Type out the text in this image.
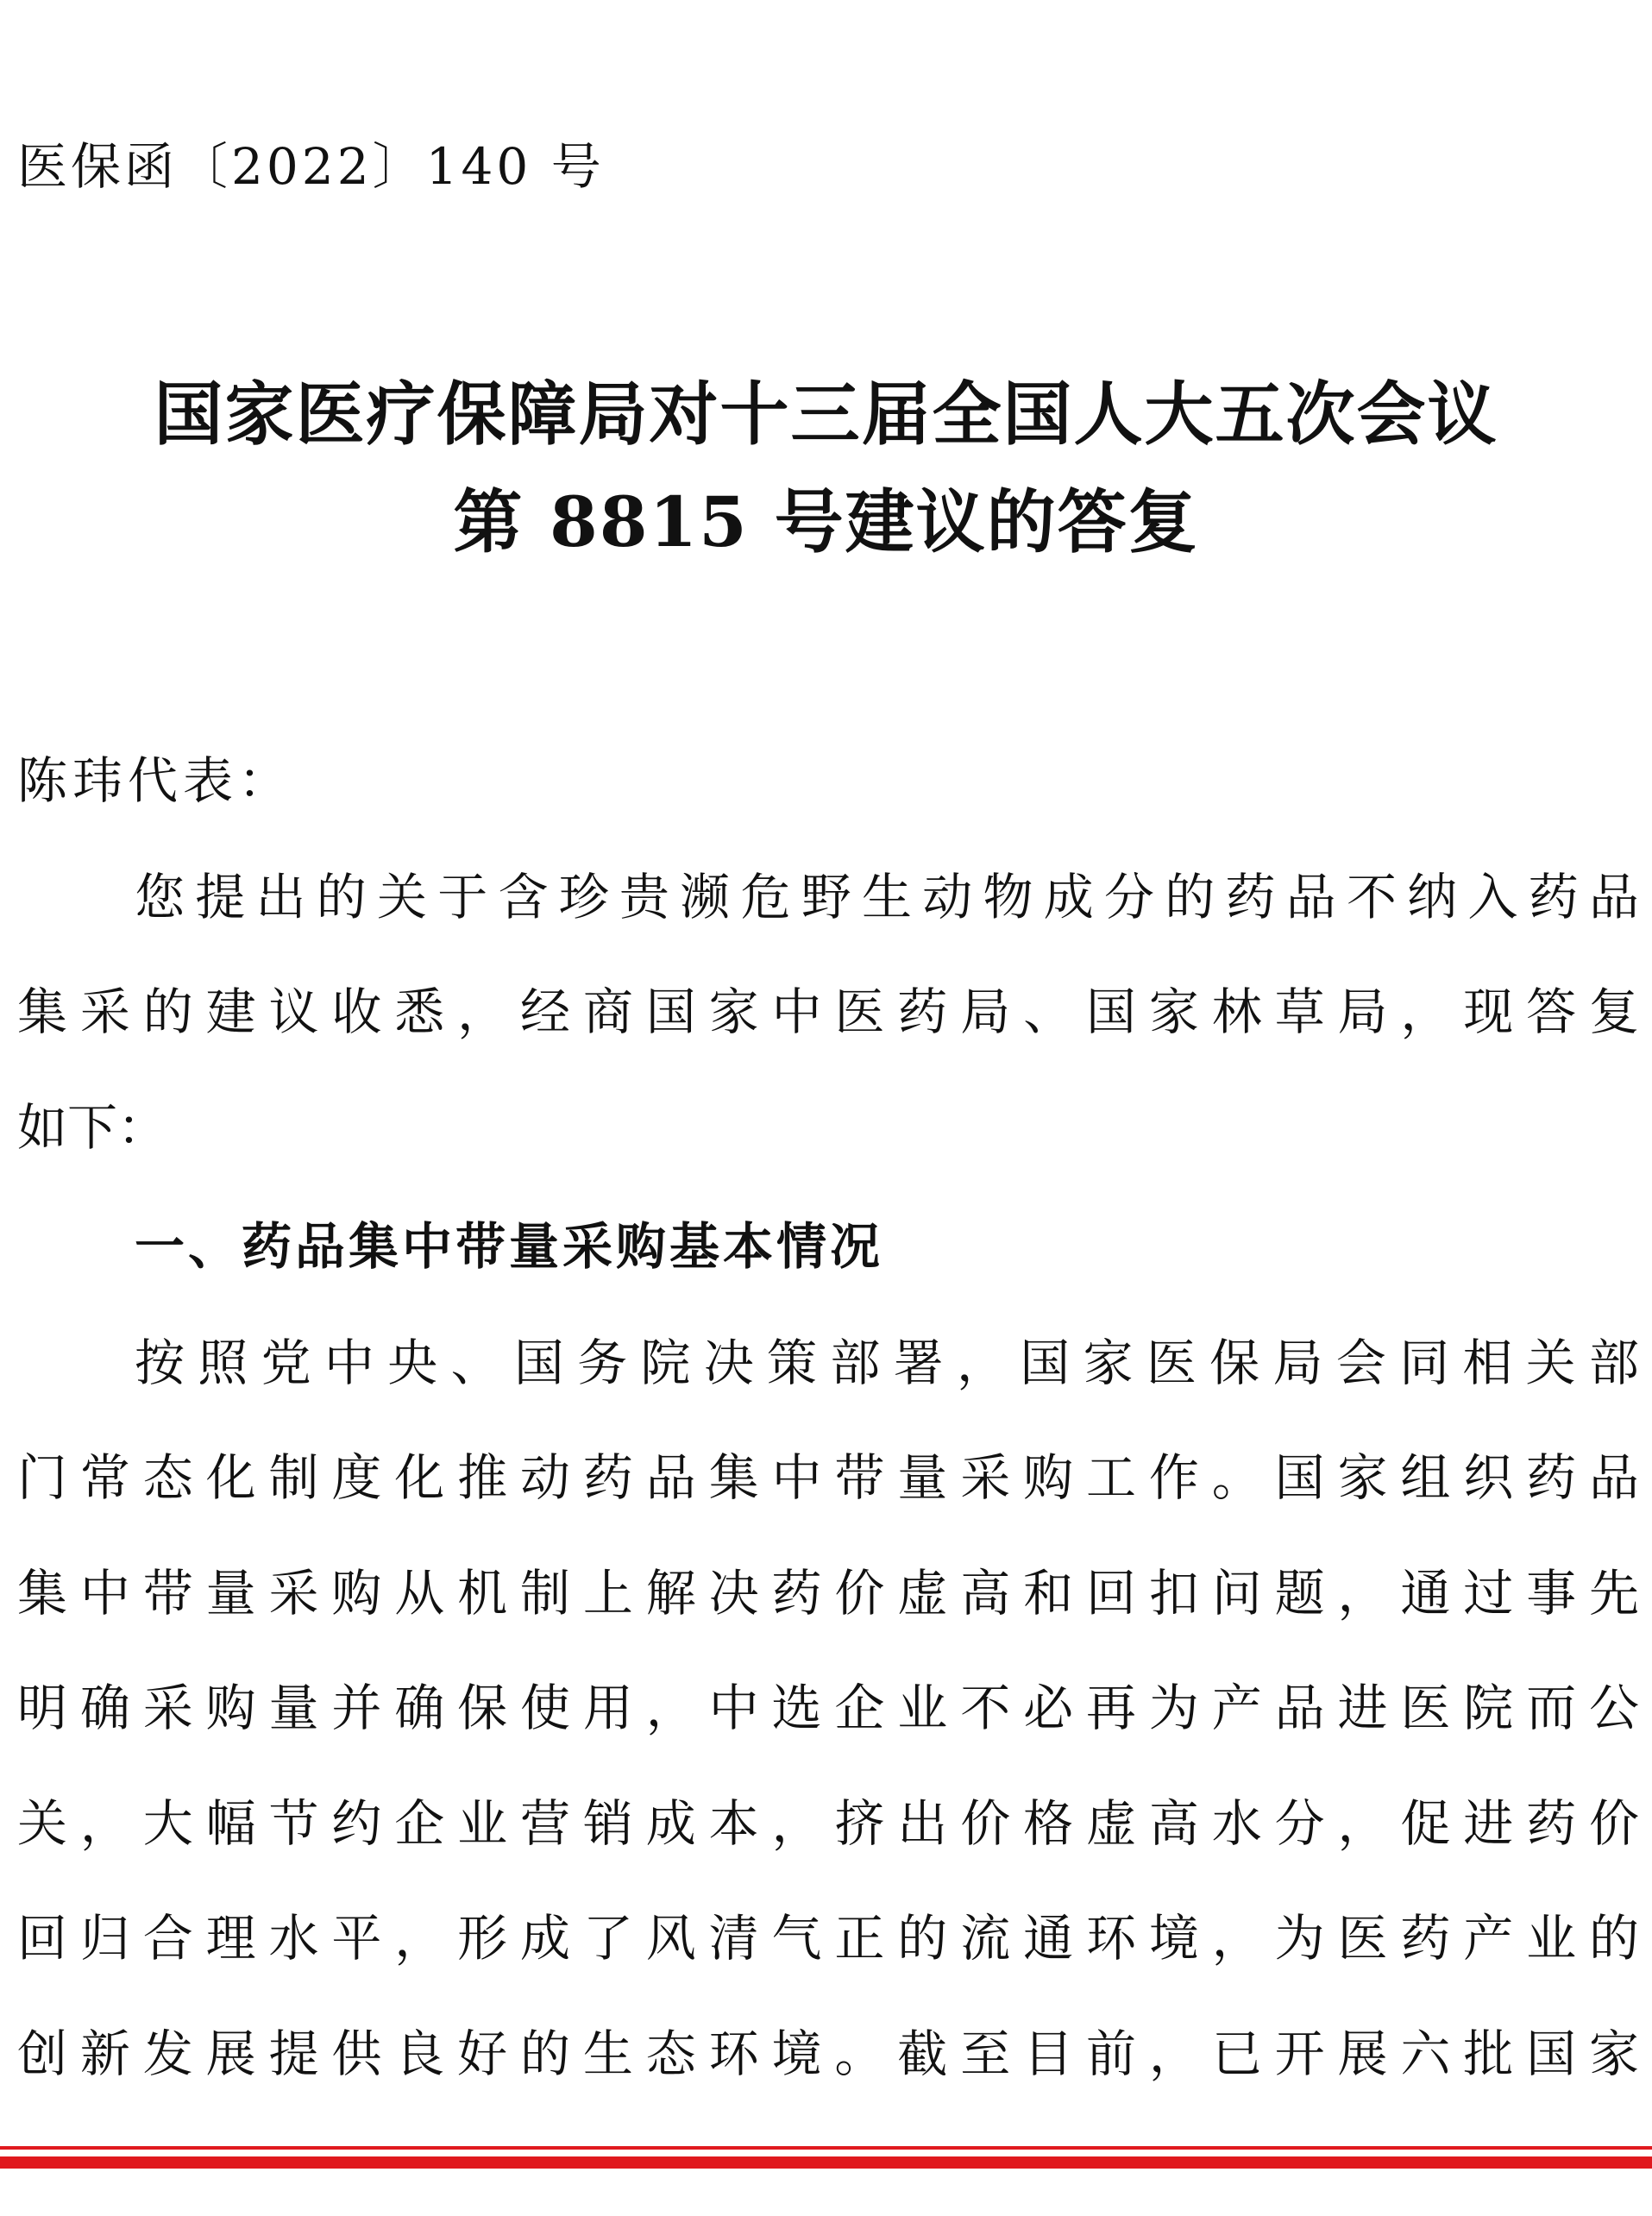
医保函〔2022〕140 号
国家医疗保障局对十三届全国人大五次会议
第 8815 号建议的答复
陈玮代表：
您提出的关于含珍贵濒危野生动物成分的药品不纳入药品
集采的建议收悉，经商国家中医药局、国家林草局，现答复
如下：
一、药品集中带量采购基本情况
按照党中央、国务院决策部署，国家医保局会同相关部
门常态化制度化推动药品集中带量采购工作。国家组织药品
集中带量采购从机制上解决药价虚高和回扣问题，通过事先
明确采购量并确保使用，中选企业不必再为产品进医院而公
关，大幅节约企业营销成本，挤出价格虚高水分，促进药价
回归合理水平，形成了风清气正的流通环境，为医药产业的
创新发展提供良好的生态环境。截至目前，已开展六批国家
